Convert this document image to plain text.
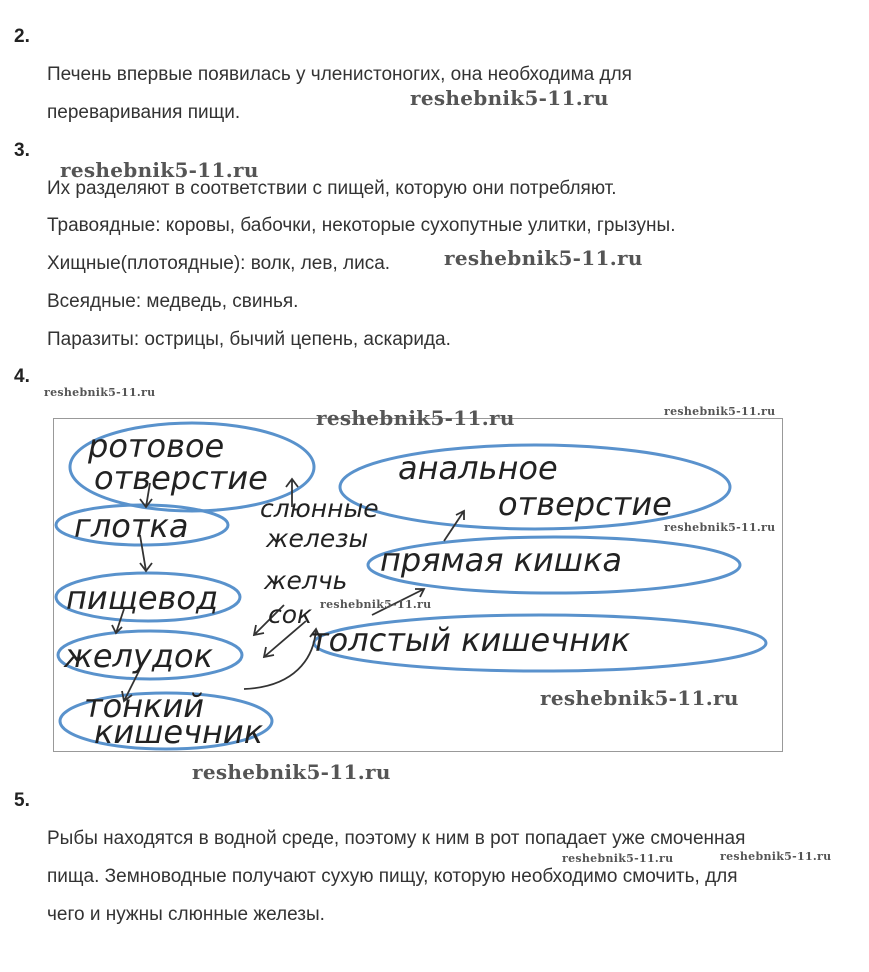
2.
Печень впервые появилась у членистоногих, она необходима для
переваривания пищи.
3.
Их разделяют в соответствии с пищей, которую они потребляют.
Травоядные: коровы, бабочки, некоторые сухопутные улитки, грызуны.
Хищные(плотоядные): волк, лев, лиса.
Всеядные: медведь, свинья.
Паразиты: острицы, бычий цепень, аскарида.
4.
ротовое
отверстие
глотка
пищевод
желудок
тонкий
кишечник
анальное
отверстие
прямая кишка
толстый кишечник
слюнные
железы
желчь
сок
5.
Рыбы находятся в водной среде, поэтому к ним в рот попадает уже смоченная
пища. Земноводные получают сухую пищу, которую необходимо смочить, для
чего и нужны слюнные железы.
reshebnik5-11.ru
reshebnik5-11.ru
reshebnik5-11.ru
reshebnik5-11.ru
reshebnik5-11.ru	reshebnik5-11.ru
reshebnik5-11.ru
reshebnik5-11.ru
reshebnik5-11.ru
reshebnik5-11.ru
reshebnik5-11.ru	reshebnik5-11.ru
